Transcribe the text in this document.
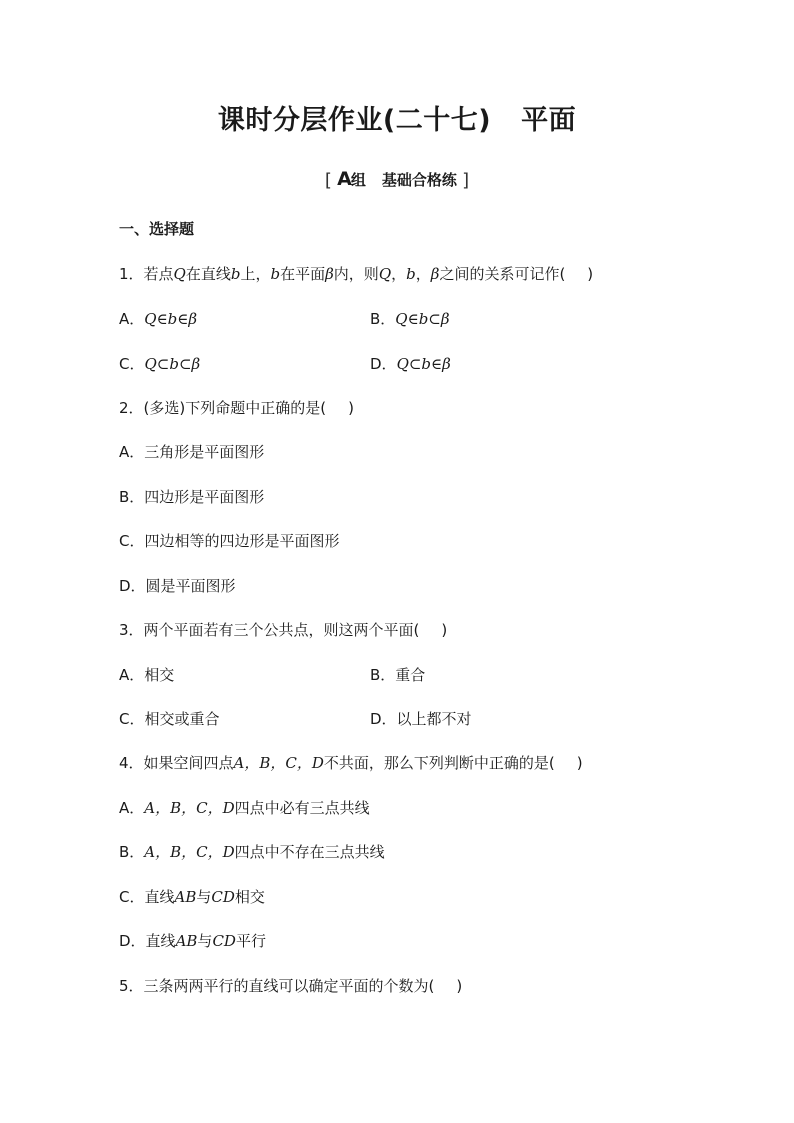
课时分层作业(二十七) 平面
[ A组 基础合格练 ]
一、选择题
1．若点Q在直线b上，b在平面β内，则Q，b，β之间的关系可记作( )
A．Q∈b∈β	B．Q∈b⊂β
C．Q⊂b⊂β	D．Q⊂b∈β
2．(多选)下列命题中正确的是( )
A．三角形是平面图形
B．四边形是平面图形
C．四边相等的四边形是平面图形
D．圆是平面图形
3．两个平面若有三个公共点，则这两个平面( )
A．相交	B．重合
C．相交或重合	D．以上都不对
4．如果空间四点A，B，C，D不共面，那么下列判断中正确的是( )
A．A，B，C，D四点中必有三点共线
B．A，B，C，D四点中不存在三点共线
C．直线AB与CD相交
D．直线AB与CD平行
5．三条两两平行的直线可以确定平面的个数为( )
